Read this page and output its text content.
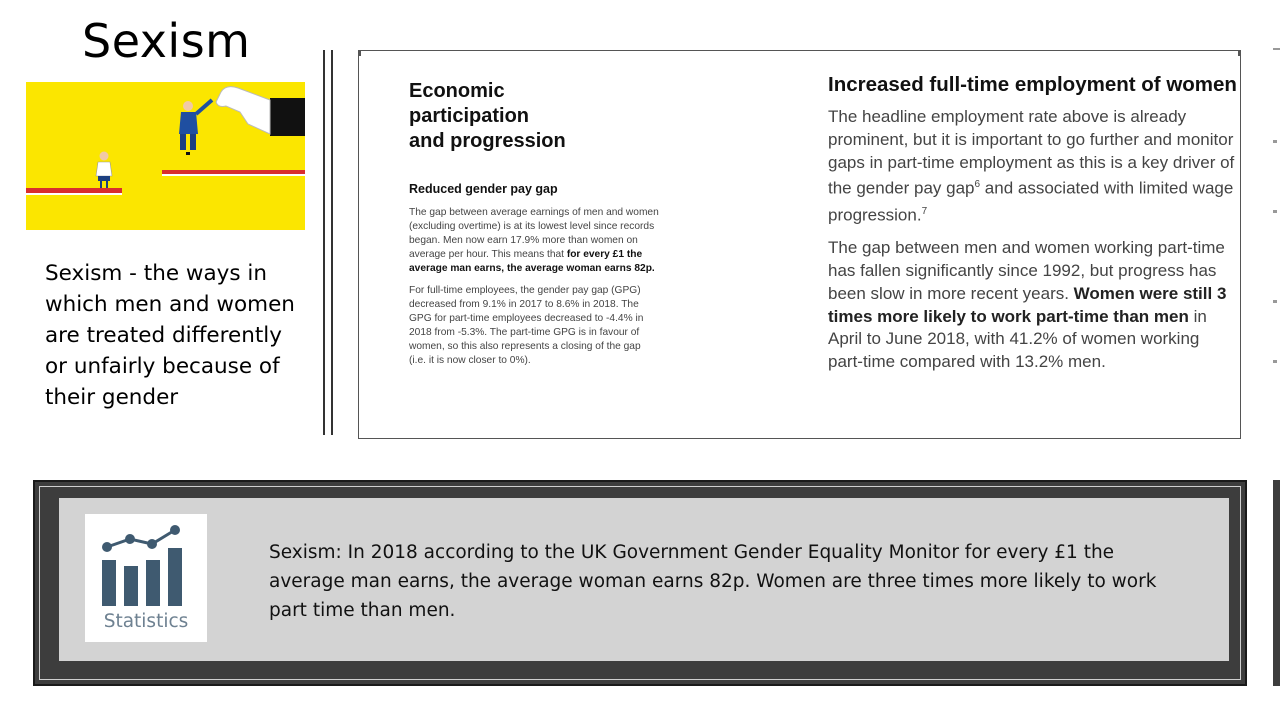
Sexism

Sexism - the ways in which men and women are treated differently or unfairly because of their gender

Economic
participation
and progression
Reduced gender pay gap

The gap between average earnings of men and women (excluding overtime) is at its lowest level since records began. Men now earn 17.9% more than women on average per hour. This means that for every £1 the average man earns, the average woman earns 82p.

For full-time employees, the gender pay gap (GPG) decreased from 9.1% in 2017 to 8.6% in 2018. The GPG for part-time employees decreased to -4.4% in 2018 from -5.3%. The part-time GPG is in favour of women, so this also represents a closing of the gap (i.e. it is now closer to 0%).

Increased full-time employment of women

The headline employment rate above is already prominent, but it is important to go further and monitor gaps in part-time employment as this is a key driver of the gender pay gap$^6$ and associated with limited wage progression.$^7$

The gap between men and women working part-time has fallen significantly since 1992, but progress has been slow in more recent years. Women were still 3 times more likely to work part-time than men in April to June 2018, with 41.2% of women working part-time compared with 13.2% men.

Statistics

Sexism: In 2018 according to the UK Government Gender Equality Monitor for every £1 the average man earns, the average woman earns 82p. Women are three times more likely to work part time than men.
